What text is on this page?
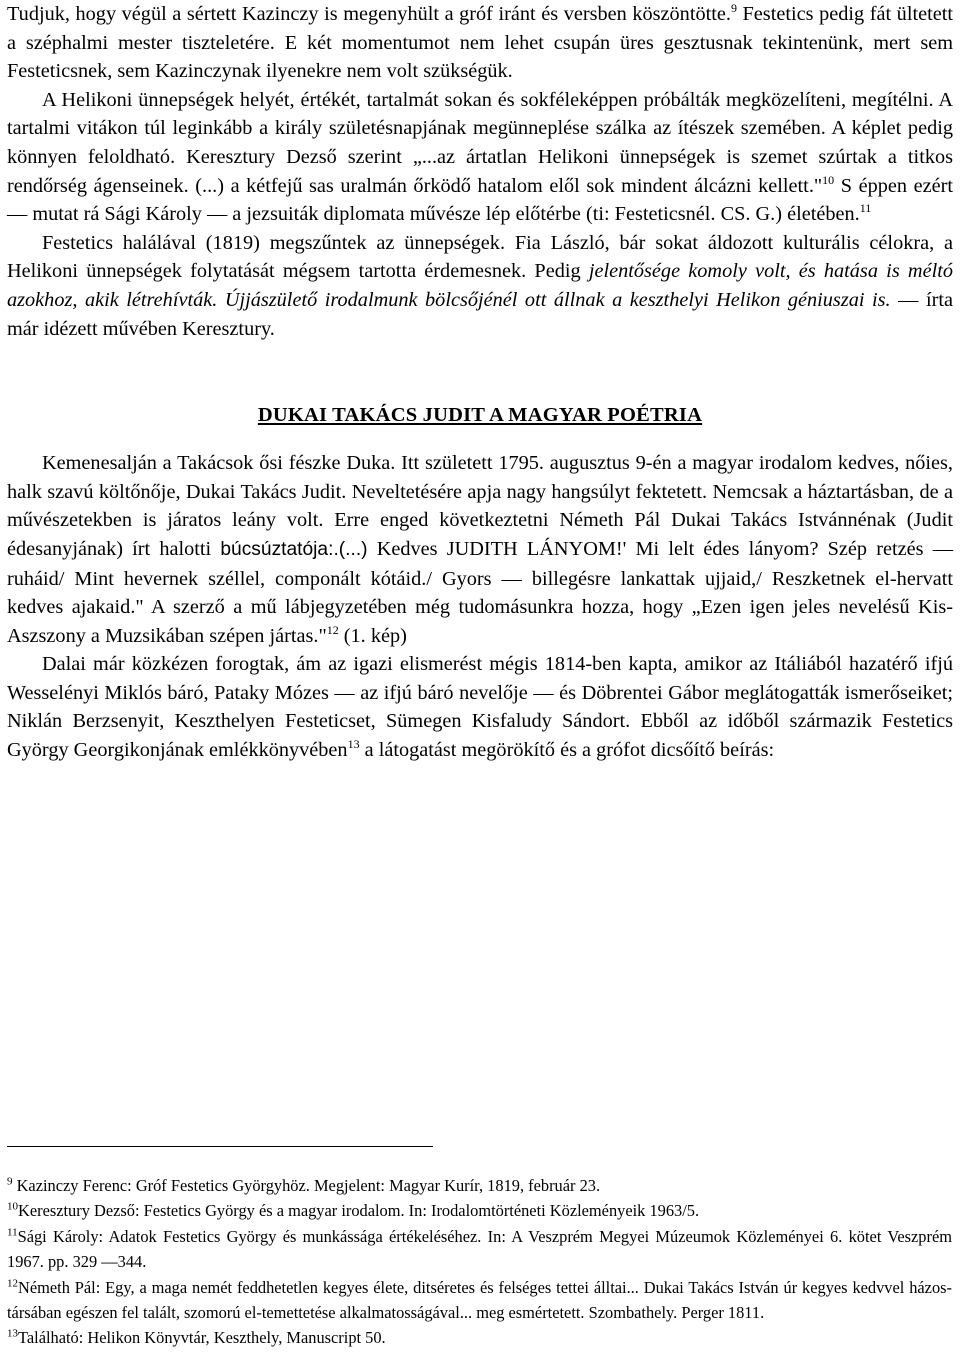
Tudjuk, hogy végül a sértett Kazinczy is megenyhült a gróf iránt és versben köszöntötte.$^9$ Festetics pedig fát ültetett a széphalmi mester tiszteletére. E két momentumot nem lehet csupán üres gesztusnak tekintenünk, mert sem Festeticsnek, sem Kazinczynak ilyenekre nem volt szükségük.

A Helikoni ünnepségek helyét, értékét, tartalmát sokan és sokféleképpen próbálták megközelíteni, megítélni. A tartalmi vitákon túl leginkább a király születésnapjának megünneplése szálka az ítészek szemében. A képlet pedig könnyen feloldható. Keresztury Dezső szerint „...az ártatlan Helikoni ünnepségek is szemet szúrtak a titkos rendőrség ágenseinek. (...) a kétfejű sas uralmán őrködő hatalom elől sok mindent álcázni kellett."$^{10}$ S éppen ezért — mutat rá Sági Károly — a jezsuiták diplomata művésze lép előtérbe (ti: Festeticsnél. CS. G.) életében.$^{11}$

Festetics halálával (1819) megszűntek az ünnepségek. Fia László, bár sokat áldozott kulturális célokra, a Helikoni ünnepségek folytatását mégsem tartotta érdemesnek. Pedig jelentősége komoly volt, és hatása is méltó azokhoz, akik létrehívták. Újjászülető irodalmunk bölcsőjénél ott állnak a keszthelyi Helikon géniuszai is. — írta már idézett művében Keresztury.

DUKAI TAKÁCS JUDIT A MAGYAR POÉTRIA

Kemenesalján a Takácsok ősi fészke Duka. Itt született 1795. augusztus 9-én a magyar irodalom kedves, nőies, halk szavú költőnője, Dukai Takács Judit. Neveltetésére apja nagy hangsúlyt fektetett. Nemcsak a háztartásban, de a művészetekben is járatos leány volt. Erre enged következtetni Németh Pál Dukai Takács Istvánnénak (Judit édesanyjának) írt halotti búcsúztatója:.(...) Kedves JUDITH LÁNYOM!' Mi lelt édes lányom? Szép retzés — ruháid/ Mint hevernek széllel, componált kótáid./ Gyors — billegésre lankattak ujjaid,/ Reszketnek el-hervatt kedves ajakaid." A szerző a mű lábjegyzetében még tudomásunkra hozza, hogy „Ezen igen jeles nevelésű Kis-Aszszony a Muzsikában szépen jártas."$^{12}$ (1. kép)

Dalai már közkézen forogtak, ám az igazi elismerést mégis 1814-ben kapta, amikor az Itáliából hazatérő ifjú Wesselényi Miklós báró, Pataky Mózes — az ifjú báró nevelője — és Döbrentei Gábor meglátogatták ismerőseiket; Niklán Berzsenyit, Keszthelyen Festeticset, Sümegen Kisfaludy Sándort. Ebből az időből származik Festetics György Georgikonjának emlékkönyvében$^{13}$ a látogatást megörökítő és a grófot dicsőítő beírás:

$^9$ Kazinczy Ferenc: Gróf Festetics Györgyhöz. Megjelent: Magyar Kurír, 1819, február 23.

$^{10}$Keresztury Dezső: Festetics György és a magyar irodalom. In: Irodalomtörténeti Közleményeik 1963/5.

$^{11}$Sági Károly: Adatok Festetics György és munkássága értékeléséhez. In: A Veszprém Megyei Múzeumok Közleményei 6. kötet Veszprém 1967. pp. 329 —344.

$^{12}$Németh Pál: Egy, a maga nemét feddhetetlen kegyes élete, ditséretes és felséges tettei álltai... Dukai Takács István úr kegyes kedvvel házos-társában egészen fel talált, szomorú el-temettetése alkalmatosságával... meg esmértetett. Szombathely. Perger 1811.

$^{13}$Található: Helikon Könyvtár, Keszthely, Manuscript 50.
